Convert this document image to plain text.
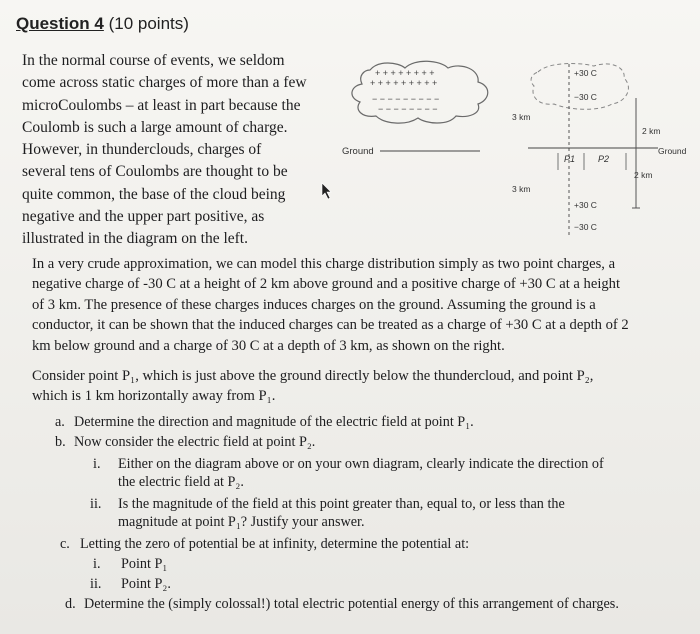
Question 4 (10 points)
In the normal course of events, we seldom
come across static charges of more than a few
microCoulombs – at least in part because the
Coulomb is such a large amount of charge.
However, in thunderclouds, charges of
several tens of Coulombs are thought to be
quite common, the base of the cloud being
negative and the upper part positive, as
illustrated in the diagram on the left.
+ + + + + + + +
+ + + + + + + + +
− − − − − − − − −
− − − − − − − −
Ground
+30 C
−30 C
+30 C
−30 C
3 km
2 km
2 km
3 km
Ground
P1	P2
In a very crude approximation, we can model this charge distribution simply as two point charges, a
negative charge of -30 C at a height of 2 km above ground and a positive charge of +30 C at a height
of 3 km. The presence of these charges induces charges on the ground. Assuming the ground is a
conductor, it can be shown that the induced charges can be treated as a charge of +30 C at a depth of 2
km below ground and a charge of 30 C at a depth of 3 km, as shown on the right.
Consider point P₁, which is just above the ground directly below the thundercloud, and point P₂,
which is 1 km horizontally away from P₁.
a. Determine the direction and magnitude of the electric field at point P₁.
b. Now consider the electric field at point P₂.
i. Either on the diagram above or on your own diagram, clearly indicate the direction of
the electric field at P₂.
ii. Is the magnitude of the field at this point greater than, equal to, or less than the
magnitude at point P₁? Justify your answer.
c. Letting the zero of potential be at infinity, determine the potential at:
i. Point P₁
ii. Point P₂.
d. Determine the (simply colossal!) total electric potential energy of this arrangement of charges.
